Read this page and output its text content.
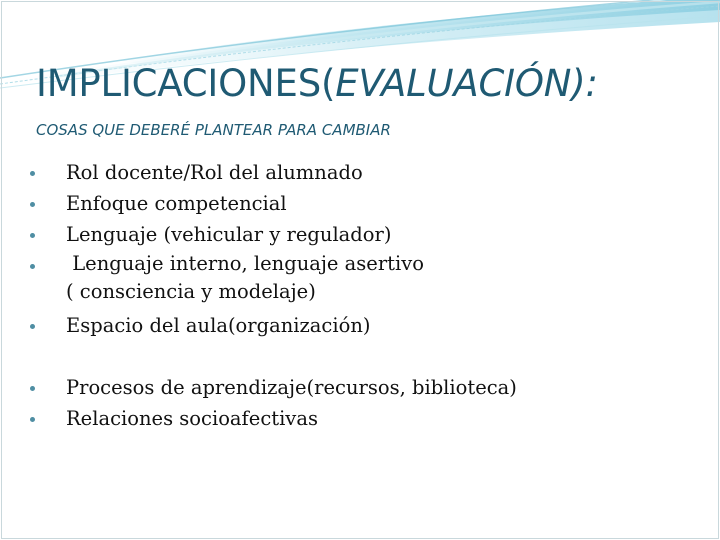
IMPLICACIONES(EVALUACIÓN):
COSAS QUE DEBERÉ PLANTEAR PARA CAMBIAR
Rol docente/Rol del alumnado
Enfoque competencial
Lenguaje (vehicular y regulador)
Lenguaje interno, lenguaje asertivo
( consciencia y modelaje)
Espacio del aula(organización)
Procesos de aprendizaje(recursos, biblioteca)
Relaciones socioafectivas
